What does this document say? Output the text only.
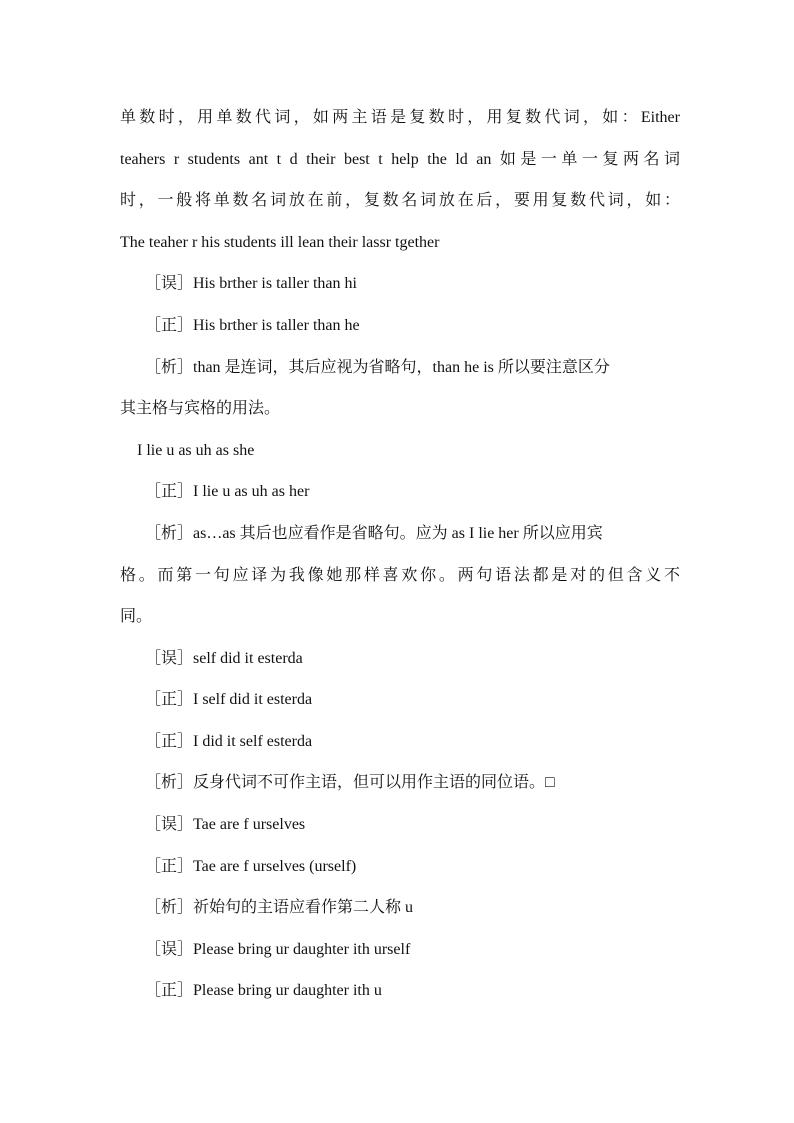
单数时，用单数代词，如两主语是复数时，用复数代词，如：Either
teahers r students ant t d their best t help the ld an 如是一单一复两名词
时，一般将单数名词放在前，复数名词放在后，要用复数代词，如：
The teaher r his students ill lean their lassr tgether
［误］His brther is taller than hi
［正］His brther is taller than he
［析］than 是连词，其后应视为省略句，than he is 所以要注意区分
其主格与宾格的用法。
I lie u as uh as she
［正］I lie u as uh as her
［析］as…as 其后也应看作是省略句。应为 as I lie her 所以应用宾
格。而第一句应译为我像她那样喜欢你。两句语法都是对的但含义不
同。
［误］self did it esterda
［正］I self did it esterda
［正］I did it self esterda
［析］反身代词不可作主语，但可以用作主语的同位语。□
［误］Tae are f urselves
［正］Tae are f urselves (urself)
［析］祈始句的主语应看作第二人称 u
［误］Please bring ur daughter ith urself
［正］Please bring ur daughter ith u
